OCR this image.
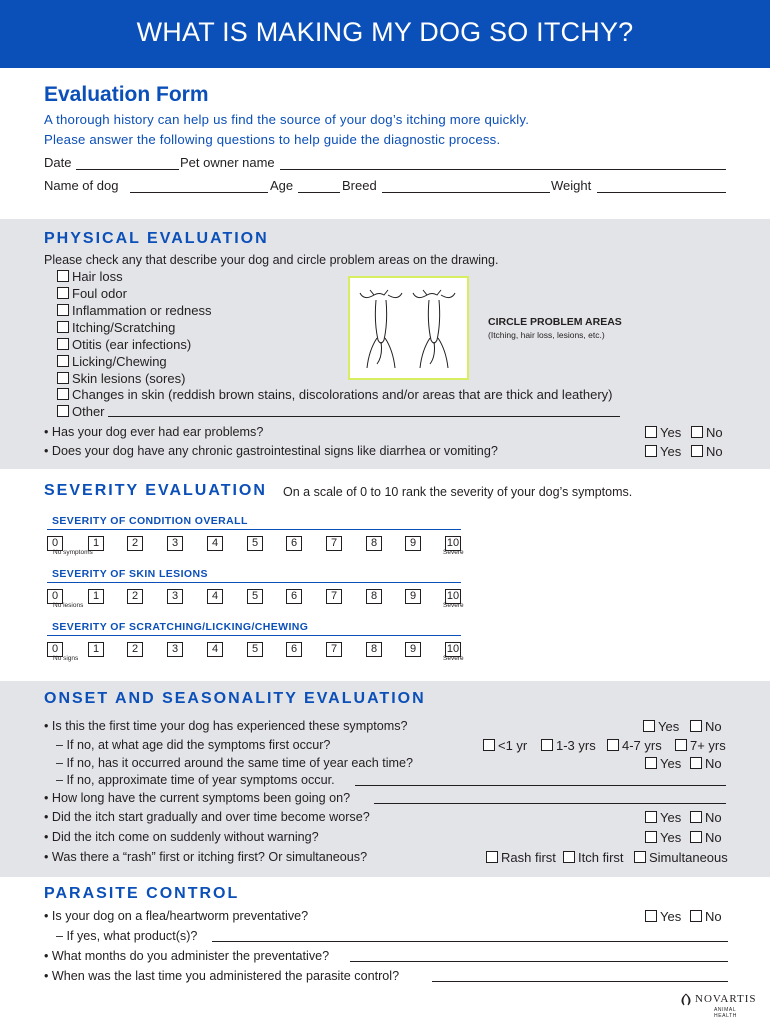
WHAT IS MAKING MY DOG SO ITCHY?
Evaluation Form
A thorough history can help us find the source of your dog’s itching more quickly.
Please answer the following questions to help guide the diagnostic process.
Date	Pet owner name
Name of dog	Age	Breed	Weight
PHYSICAL EVALUATION
Please check any that describe your dog and circle problem areas on the drawing.
Hair loss
Foul odor
Inflammation or redness
Itching/Scratching
Otitis (ear infections)
Licking/Chewing
Skin lesions (sores)
Changes in skin (reddish brown stains, discolorations and/or areas that are thick and leathery)
Other
CIRCLE PROBLEM AREAS
(Itching, hair loss, lesions, etc.)
• Has your dog ever had ear problems?	Yes	No
• Does your dog have any chronic gastrointestinal signs like diarrhea or vomiting?	Yes	No
SEVERITY EVALUATION On a scale of 0 to 10 rank the severity of your dog’s symptoms.
SEVERITY OF CONDITION OVERALL
0	1	2	3	4	5	6	7	8	9	10
No symptoms	Severe
SEVERITY OF SKIN LESIONS
0	1	2	3	4	5	6	7	8	9	10
No lesions	Severe
SEVERITY OF SCRATCHING/LICKING/CHEWING
0	1	2	3	4	5	6	7	8	9	10
No signs	Severe
ONSET AND SEASONALITY EVALUATION
• Is this the first time your dog has experienced these symptoms?	Yes	No
– If no, at what age did the symptoms first occur?	<1 yr	1-3 yrs	4-7 yrs	7+ yrs
– If no, has it occurred around the same time of year each time?	Yes	No
– If no, approximate time of year symptoms occur.
• How long have the current symptoms been going on?
• Did the itch start gradually and over time become worse?	Yes	No
• Did the itch come on suddenly without warning?	Yes	No
• Was there a “rash” first or itching first? Or simultaneous?	Rash first	Itch first	Simultaneous
PARASITE CONTROL
• Is your dog on a flea/heartworm preventative?	Yes	No
– If yes, what product(s)?
• What months do you administer the preventative?
• When was the last time you administered the parasite control?
NOVARTIS
ANIMAL HEALTH
